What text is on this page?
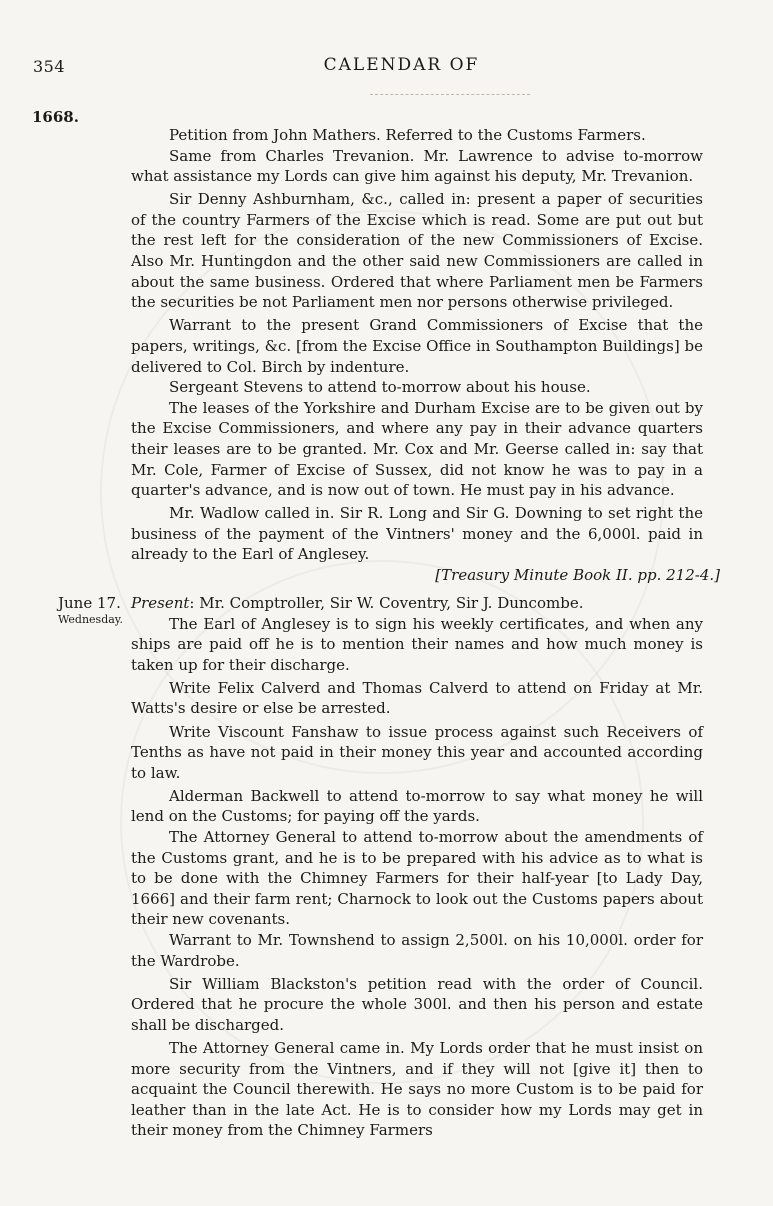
354	CALENDAR OF
1668.

Petition from John Mathers. Referred to the Customs Farmers.

Same from Charles Trevanion. Mr. Lawrence to advise to-morrow what assistance my Lords can give him against his deputy, Mr. Trevanion.

Sir Denny Ashburnham, &c., called in: present a paper of securities of the country Farmers of the Excise which is read. Some are put out but the rest left for the consideration of the new Commissioners of Excise. Also Mr. Huntingdon and the other said new Commissioners are called in about the same business. Ordered that where Parliament men be Farmers the securities be not Parliament men nor persons otherwise privileged.

Warrant to the present Grand Commissioners of Excise that the papers, writings, &c. [from the Excise Office in Southampton Buildings] be delivered to Col. Birch by indenture.

Sergeant Stevens to attend to-morrow about his house.

The leases of the Yorkshire and Durham Excise are to be given out by the Excise Commissioners, and where any pay in their advance quarters their leases are to be granted. Mr. Cox and Mr. Geerse called in: say that Mr. Cole, Farmer of Excise of Sussex, did not know he was to pay in a quarter's advance, and is now out of town. He must pay in his advance.

Mr. Wadlow called in. Sir R. Long and Sir G. Downing to set right the business of the payment of the Vintners' money and the 6,000l. paid in already to the Earl of Anglesey.

[Treasury Minute Book II. pp. 212-4.]
June 17.
Wednesday.

Present: Mr. Comptroller, Sir W. Coventry, Sir J. Duncombe.

The Earl of Anglesey is to sign his weekly certificates, and when any ships are paid off he is to mention their names and how much money is taken up for their discharge.

Write Felix Calverd and Thomas Calverd to attend on Friday at Mr. Watts's desire or else be arrested.

Write Viscount Fanshaw to issue process against such Receivers of Tenths as have not paid in their money this year and accounted according to law.

Alderman Backwell to attend to-morrow to say what money he will lend on the Customs; for paying off the yards.

The Attorney General to attend to-morrow about the amendments of the Customs grant, and he is to be prepared with his advice as to what is to be done with the Chimney Farmers for their half-year [to Lady Day, 1666] and their farm rent; Charnock to look out the Customs papers about their new covenants.

Warrant to Mr. Townshend to assign 2,500l. on his 10,000l. order for the Wardrobe.

Sir William Blackston's petition read with the order of Council. Ordered that he procure the whole 300l. and then his person and estate shall be discharged.

The Attorney General came in. My Lords order that he must insist on more security from the Vintners, and if they will not [give it] then to acquaint the Council therewith. He says no more Custom is to be paid for leather than in the late Act. He is to consider how my Lords may get in their money from the Chimney Farmers
